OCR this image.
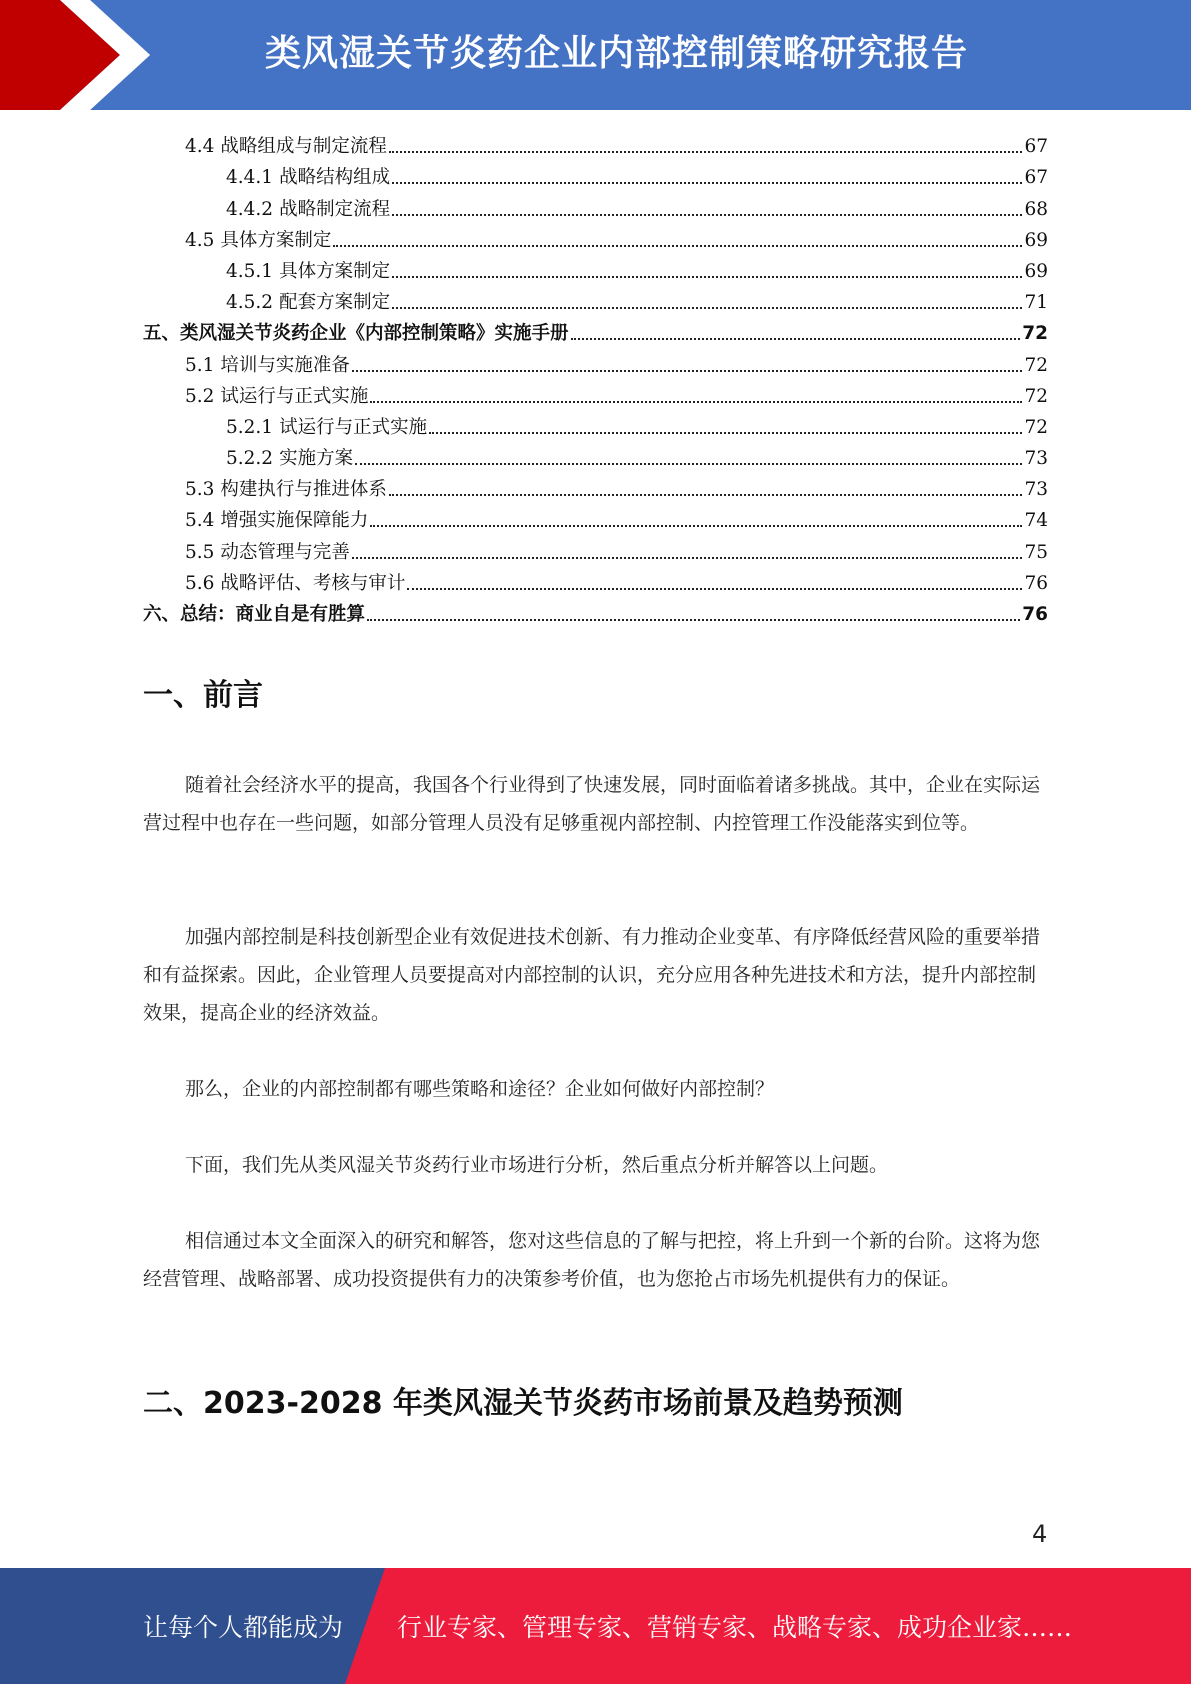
类风湿关节炎药企业内部控制策略研究报告
4.4 战略组成与制定流程	67
4.4.1 战略结构组成	67
4.4.2 战略制定流程	68
4.5 具体方案制定	69
4.5.1 具体方案制定	69
4.5.2 配套方案制定	71
五、类风湿关节炎药企业《内部控制策略》实施手册	72
5.1 培训与实施准备	72
5.2 试运行与正式实施	72
5.2.1 试运行与正式实施	72
5.2.2 实施方案	73
5.3 构建执行与推进体系	73
5.4 增强实施保障能力	74
5.5 动态管理与完善	75
5.6 战略评估、考核与审计	76
六、总结：商业自是有胜算	76
一、前言

随着社会经济水平的提高，我国各个行业得到了快速发展，同时面临着诸多挑战。其中，企业在实际运营过程中也存在一些问题，如部分管理人员没有足够重视内部控制、内控管理工作没能落实到位等。

加强内部控制是科技创新型企业有效促进技术创新、有力推动企业变革、有序降低经营风险的重要举措和有益探索。因此，企业管理人员要提高对内部控制的认识，充分应用各种先进技术和方法，提升内部控制效果，提高企业的经济效益。

那么，企业的内部控制都有哪些策略和途径？企业如何做好内部控制？

下面，我们先从类风湿关节炎药行业市场进行分析，然后重点分析并解答以上问题。

相信通过本文全面深入的研究和解答，您对这些信息的了解与把控，将上升到一个新的台阶。这将为您经营管理、战略部署、成功投资提供有力的决策参考价值，也为您抢占市场先机提供有力的保证。

二、2023-2028 年类风湿关节炎药市场前景及趋势预测
4
让每个人都能成为 行业专家、管理专家、营销专家、战略专家、成功企业家……
